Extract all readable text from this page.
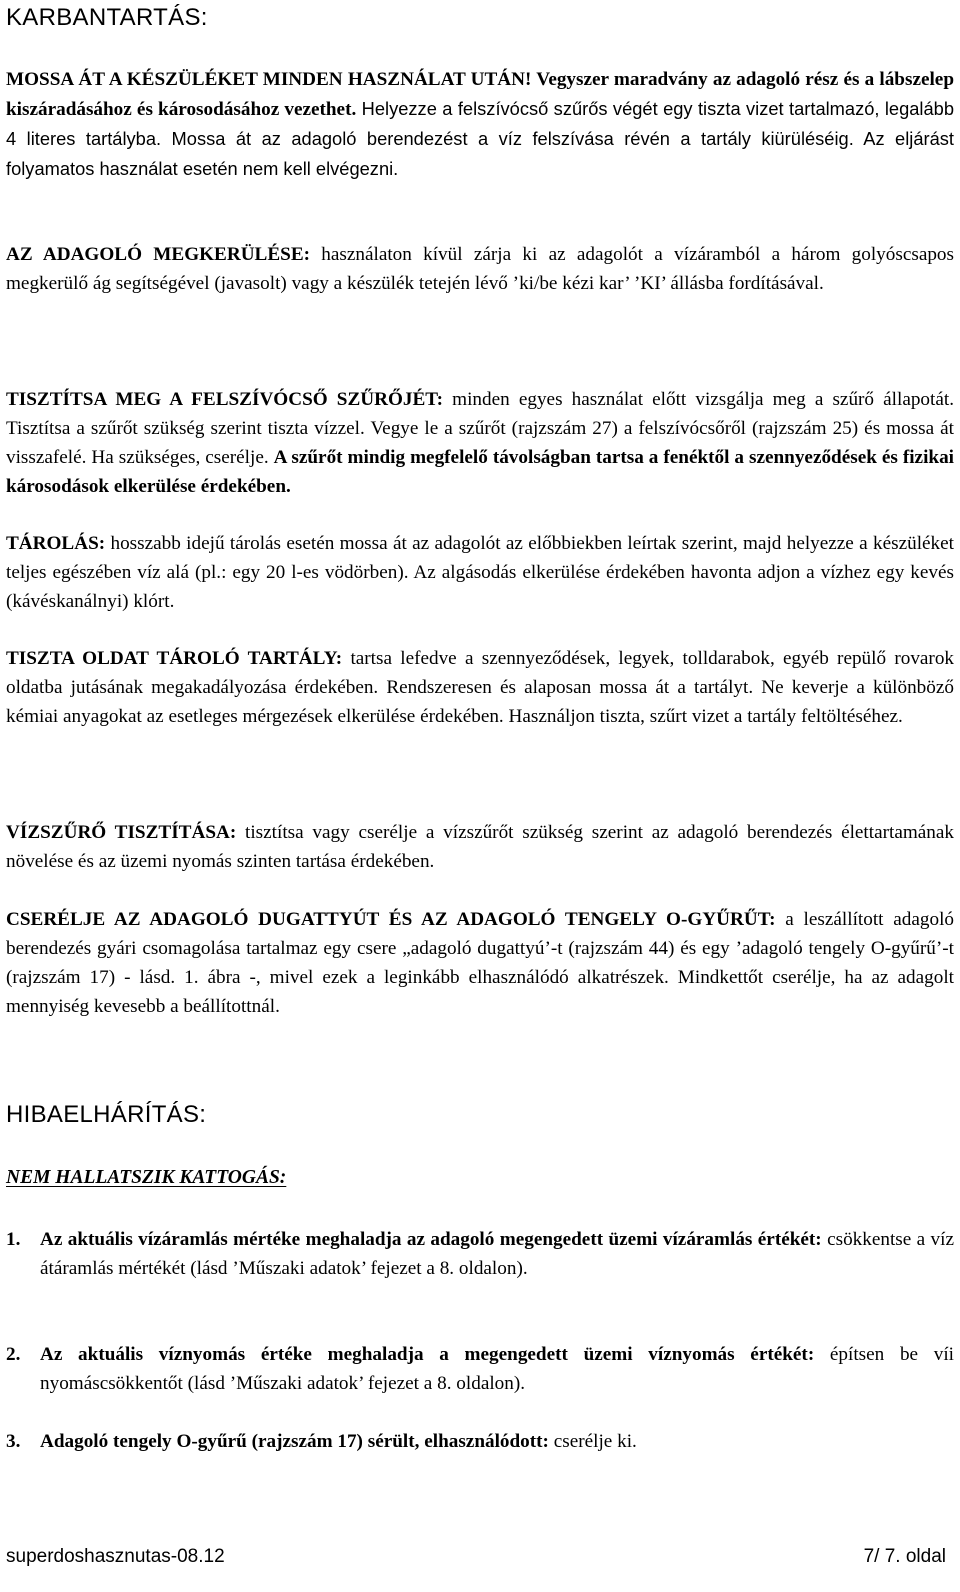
KARBANTARTÁS:

MOSSA ÁT A KÉSZÜLÉKET MINDEN HASZNÁLAT UTÁN! Vegyszer maradvány az adagoló rész és a lábszelep kiszáradásához és károsodásához vezethet. Helyezze a felszívócső szűrős végét egy tiszta vizet tartalmazó, legalább 4 literes tartályba. Mossa át az adagoló berendezést a víz felszívása révén a tartály kiürüléséig. Az eljárást folyamatos használat esetén nem kell elvégezni.

AZ ADAGOLÓ MEGKERÜLÉSE: használaton kívül zárja ki az adagolót a vízáramból a három golyóscsapos megkerülő ág segítségével (javasolt) vagy a készülék tetején lévő ’ki/be kézi kar’ ’KI’ állásba fordításával.

TISZTÍTSA MEG A FELSZÍVÓCSŐ SZŰRŐJÉT: minden egyes használat előtt vizsgálja meg a szűrő állapotát. Tisztítsa a szűrőt szükség szerint tiszta vízzel. Vegye le a szűrőt (rajzszám 27) a felszívócsőről (rajzszám 25) és mossa át visszafelé. Ha szükséges, cserélje. A szűrőt mindig megfelelő távolságban tartsa a fenéktől a szennyeződések és fizikai károsodások elkerülése érdekében.

TÁROLÁS: hosszabb idejű tárolás esetén mossa át az adagolót az előbbiekben leírtak szerint, majd helyezze a készüléket teljes egészében víz alá (pl.: egy 20 l-es vödörben). Az algásodás elkerülése érdekében havonta adjon a vízhez egy kevés (kávéskanálnyi) klórt.

TISZTA OLDAT TÁROLÓ TARTÁLY: tartsa lefedve a szennyeződések, legyek, tolldarabok, egyéb repülő rovarok oldatba jutásának megakadályozása érdekében. Rendszeresen és alaposan mossa át a tartályt. Ne keverje a különböző kémiai anyagokat az esetleges mérgezések elkerülése érdekében. Használjon tiszta, szűrt vizet a tartály feltöltéséhez.

VÍZSZŰRŐ TISZTÍTÁSA: tisztítsa vagy cserélje a vízszűrőt szükség szerint az adagoló berendezés élettartamának növelése és az üzemi nyomás szinten tartása érdekében.

CSERÉLJE AZ ADAGOLÓ DUGATTYÚT ÉS AZ ADAGOLÓ TENGELY O-GYŰRŰT: a leszállított adagoló berendezés gyári csomagolása tartalmaz egy csere „adagoló dugattyú’-t (rajzszám 44) és egy ’adagoló tengely O-gyűrű’-t (rajzszám 17) - lásd. 1. ábra -, mivel ezek a leginkább elhasználódó alkatrészek. Mindkettőt cserélje, ha az adagolt mennyiség kevesebb a beállítottnál.

HIBAELHÁRÍTÁS:

NEM HALLATSZIK KATTOGÁS:

1. Az aktuális vízáramlás mértéke meghaladja az adagoló megengedett üzemi vízáramlás értékét: csökkentse a víz átáramlás mértékét (lásd ’Műszaki adatok’ fejezet a 8. oldalon).
2. Az aktuális víznyomás értéke meghaladja a megengedett üzemi víznyomás értékét: építsen be víi nyomáscsökkentőt (lásd ’Műszaki adatok’ fejezet a 8. oldalon).
3. Adagoló tengely O-gyűrű (rajzszám 17) sérült, elhasználódott: cserélje ki.
superdoshasznutas-08.12	7/ 7. oldal
